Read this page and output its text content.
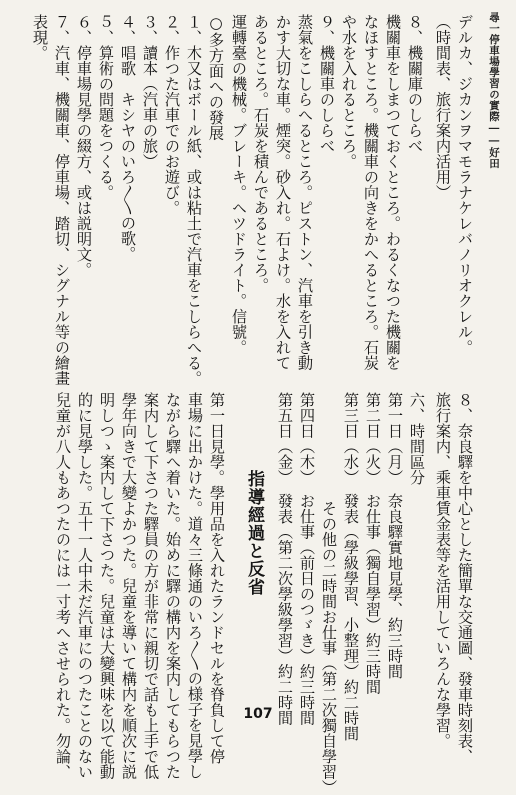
尋一停車場學習の實際――好田
デルカ、ジカンヲマモラナケレバノリオクレル。
（時間表、旅行案内活用）
８、機關庫のしらべ
機關車をしまつておくところ。わるくなつた機關を
なほすところ。機關車の向きをかへるところ。石炭
や水を入れるところ。
９、機關車のしらべ
蒸氣をこしらへるところ。ピストン、汽車を引き動
かす大切な車。煙突。砂入れ。石よけ。水を入れて
あるところ。石炭を積んであるところ。
運轉臺の機械。ブレーキ。ヘツドライト。信號。
○多方面への發展
１、木又はボール紙、或は粘土で汽車をこしらへる。
２、作つた汽車でのお遊び。
３、讀本（汽車の旅）
４、唱歌　キシヤのいろ〳〵の歌。
５、算術の問題をつくる。
６、停車場見學の綴方、或は説明文。
７、汽車、機關車、停車場、踏切、シグナル等の繪畫
表現。
８、奈良驛を中心とした簡單な交通圖、發車時刻表、
旅行案内、乘車賃金表等を活用していろんな學習。
六、時間區分
第一日（月）　奈良驛實地見學、約三時間
第二日（火）　お仕事（獨自學習）約三時間
第三日（水）　發表（學級學習、小整理）約二時間
　　　　　　　その他の二時間お仕事（第二次獨自學習）
第四日（木）　お仕事（前日のつゞき）約三時間
第五日（金）　發表（第二次學級學習）約二時間
指導經過と反省
第一日見學。學用品を入れたランドセルを脊負して停
車場に出かけた。道々三條通のいろ〳〵の様子を見學し
ながら驛へ着いた。始めに驛の構内を案内してもらつた
案内して下さつた驛員の方が非常に親切で話も上手で低
學年向きで大變よかつた。兒童を導いて構内を順次に説
明しつゝ案内して下さつた。兒童は大變興味を以て能動
的に見學した。五十一人中未だ汽車にのつたことのない
兒童が八人もあつたのには一寸考へさせられた。勿論、	107
